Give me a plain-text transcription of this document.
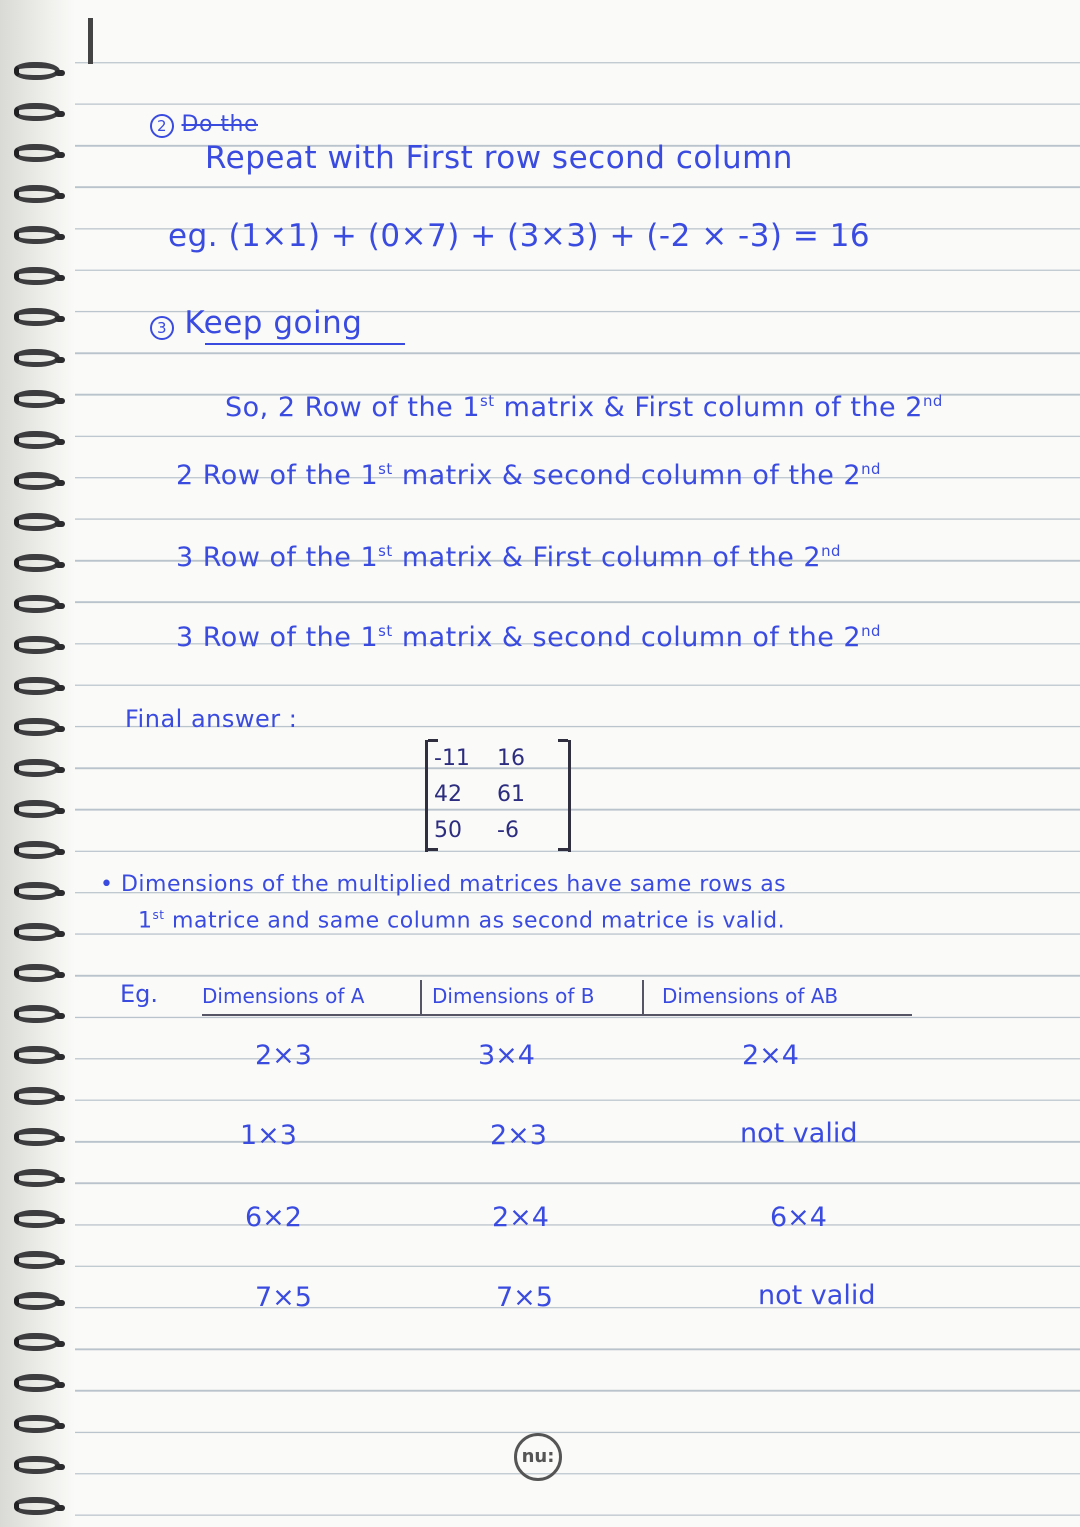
2 Do the
Repeat with First row second column
eg. (1×1) + (0×7) + (3×3) + (-2 × -3) = 16
3 Keep going
So, 2 Row of the 1st matrix & First column of the 2nd
2 Row of the 1st matrix & second column of the 2nd
3 Row of the 1st matrix & First column of the 2nd
3 Row of the 1st matrix & second column of the 2nd
Final answer :
-11	16
42	61
50	-6
• Dimensions of the multiplied matrices have same rows as
1st matrice and same column as second matrice is valid.
Eg. Dimensions of A	Dimensions of B	Dimensions of AB
2×3	3×4	2×4
1×3	2×3	not valid
6×2	2×4	6×4
7×5	7×5	not valid
nu:
